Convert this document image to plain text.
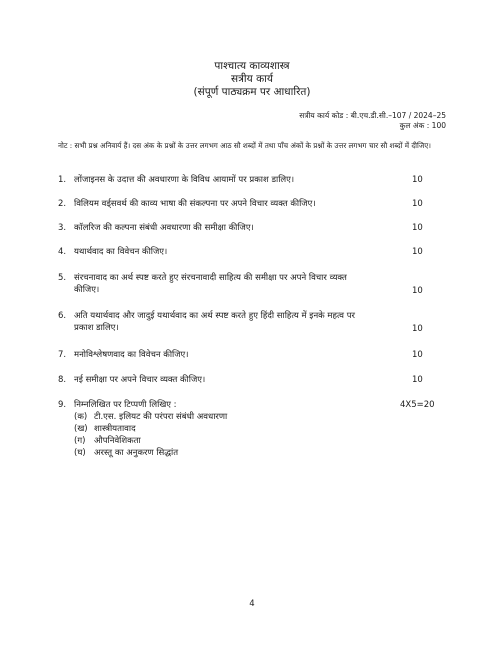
पाश्चात्य काव्यशास्त्र
सत्रीय कार्य
(संपूर्ण पाठ्यक्रम पर आधारित)
सत्रीय कार्य कोड : बी.एच.डी.सी.–107 / 2024–25
कुल अंक : 100
नोट : सभी प्रश्न अनिवार्य हैं। दस अंक के प्रश्नों के उत्तर लगभग आठ सौ शब्दों में तथा पाँच अंकों के प्रश्नों के उत्तर लगभग चार सौ शब्दों में दीजिए।
1. लोंजाइनस के उदात्त की अवधारणा के विविध आयामों पर प्रकाश डालिए।	10
2. विलियम वर्ड्सवर्थ की काव्य भाषा की संकल्पना पर अपने विचार व्यक्त कीजिए।	10
3. कॉलरिज की कल्पना संबंधी अवधारणा की समीक्षा कीजिए।	10
4. यथार्थवाद का विवेचन कीजिए।	10
5. संरचनावाद का अर्थ स्पष्ट करते हुए संरचनावादी साहित्य की समीक्षा पर अपने विचार व्यक्त कीजिए।	10
6. अति यथार्थवाद और जादुई यथार्थवाद का अर्थ स्पष्ट करते हुए हिंदी साहित्य में इनके महत्व पर प्रकाश डालिए।	10
7. मनोविश्लेषणवाद का विवेचन कीजिए।	10
8. नई समीक्षा पर अपने विचार व्यक्त कीजिए।	10
9. निम्नलिखित पर टिप्पणी लिखिए :	4X5=20
(क) टी.एस. इलियट की परंपरा संबंधी अवधारणा
(ख) शास्त्रीयतावाद
(ग) औपनिवेशिकता
(घ) अरस्तू का अनुकरण सिद्धांत
4
